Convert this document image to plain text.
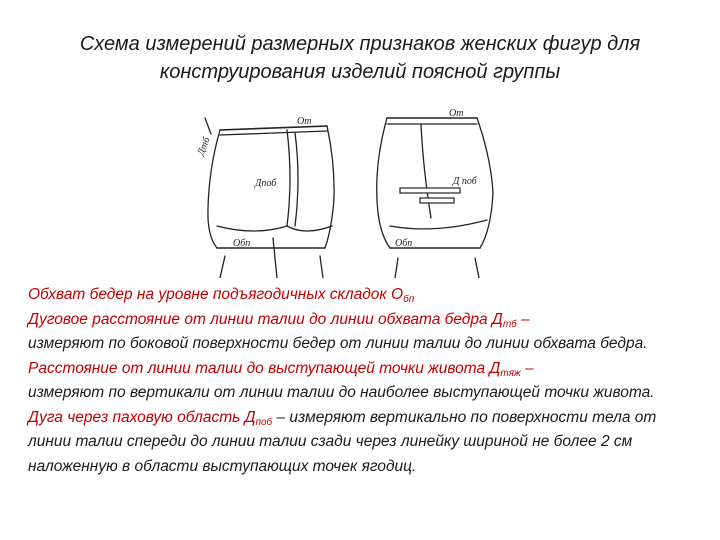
Схема измерений размерных признаков женских фигур для
конструирования изделий поясной группы
От
Дтб
Дпоб
Обп
От
Д поб
Обп

Обхват бедер на уровне подъягодичных складок $О_{бп}$

Дуговое расстояние от линии талии до линии обхвата бедра $Д_{тб}$ –

измеряют по боковой поверхности бедер от линии талии до линии обхвата бедра.

Расстояние от линии талии до выступающей точки живота $Д_{тяж}$ –

измеряют по вертикали от линии талии до наиболее выступающей точки живота.

Дуга через паховую область $Д_{поб}$ – измеряют вертикально по поверхности тела от линии талии спереди до линии талии сзади через линейку шириной не более 2 см наложенную в области выступающих точек ягодиц.
